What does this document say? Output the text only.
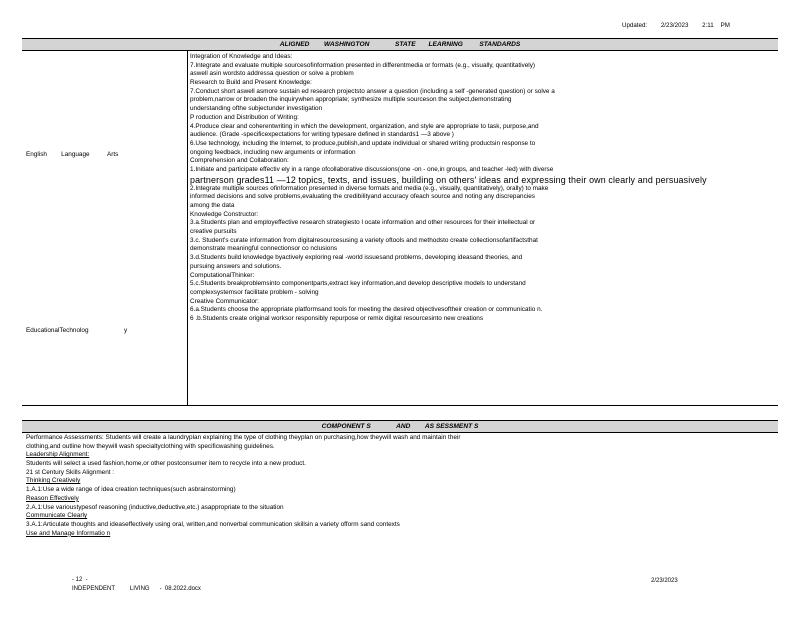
Updated:        2/23/2023        2:11    PM
ALIGNED        WASHINGTON              STATE       LEARNING         STANDARDS
English        Language          Arts
EducationalTechnolog                    y
Integration of Knowledge and Ideas:
7.Integrate and evaluate multiple sourcesofinformation presented in differentmedia or formats (e.g., visually, quantitatively)
aswell asin wordsto addressa question or solve a problem
Research to Build and Present Knowledge:
7.Conduct short aswell asmore sustain ed research projectsto answer a question (including a self -generated question) or solve a
problem,narrow or broaden the inquirywhen appropriate; synthesize multiple sourceson the subject,demonstrating
understanding ofthe subjectunder investigation
P roduction and Distribution of Writing:
4.Produce clear and coherentwriting in which the development, organization, and style are appropriate to task, purpose,and
audience. (Grade -specificexpectations for writing typesare defined in standards1 —3 above )
6.Use technology, including the Internet, to produce,publish,and update individual or shared writing productsin response to
ongoing feedback, including new arguments or information
Comprehension and Collaboration:
1.Initiate and participate effectiv ely in a range ofcollaborative discussions(one -on - one,in groups, and teacher -led) with diverse
partnerson grades11 —12 topics, texts, and issues, building on others' ideas and expressing their own clearly and persuasively
2.Integrate multiple sources ofinformation presented in diverse formats and media (e.g., visually, quantitatively), orally) to make
informed decisions and solve problems,evaluating the credibilityand accuracy ofeach source and noting any discrepancies
among the data
Knowledge Constructor:
3.a.Students plan and employeffective research strategiesto l ocate information and other resources for their intellectual or
creative pursuits
3.c. Student's curate information from digitalresourcesusing a variety oftools and methodsto create collectionsofartifactsthat
demonstrate meaningful connectionsor co nclusions
3.d.Students build knowledge byactively exploring real -world issuesand problems, developing ideasand theories, and
pursuing answers and solutions.
ComputationalThinker:
5.c.Students breakproblemsinto componentparts,extract key information,and develop descriptive models to understand
complexsystemsor facilitate problem - solving
Creative Communicator:
6.a.Students choose the appropriate platformsand tools for meeting the desired objectivesoftheir creation or communicatio n.
6 .b.Students create original worksor responsibly repurpose or remix digital resourcesinto new creations
COMPONENT S              AND        AS SESSMENT S
Performance Assessments: Students will create a laundryplan explaining the type of clothing theyplan on purchasing,how theywill wash and maintain their
clothing,and outline how theywill wash specialtyclothing with specificwashing guidelines.
Leadership Alignment:
Students will select a used fashion,home,or other postconsumer item to recycle into a new product.
21 st Century Skills Alignment :
Thinking Creatively
1.A.1:Use a wide range of idea creation techniques(such asbrainstorming)
Reason Effectively
2.A.1:Use varioustypesof reasoning (inductive,deductive,etc.) asappropriate to the situation
Communicate Clearly
3.A.1:Articulate thoughts and ideaseffectively using oral, written,and nonverbal communication skillsin a variety ofform sand contexts
Use and Manage Informatio n
- 12  -
INDEPENDENT         LIVING      -  08.2022.docx
2/23/2023
